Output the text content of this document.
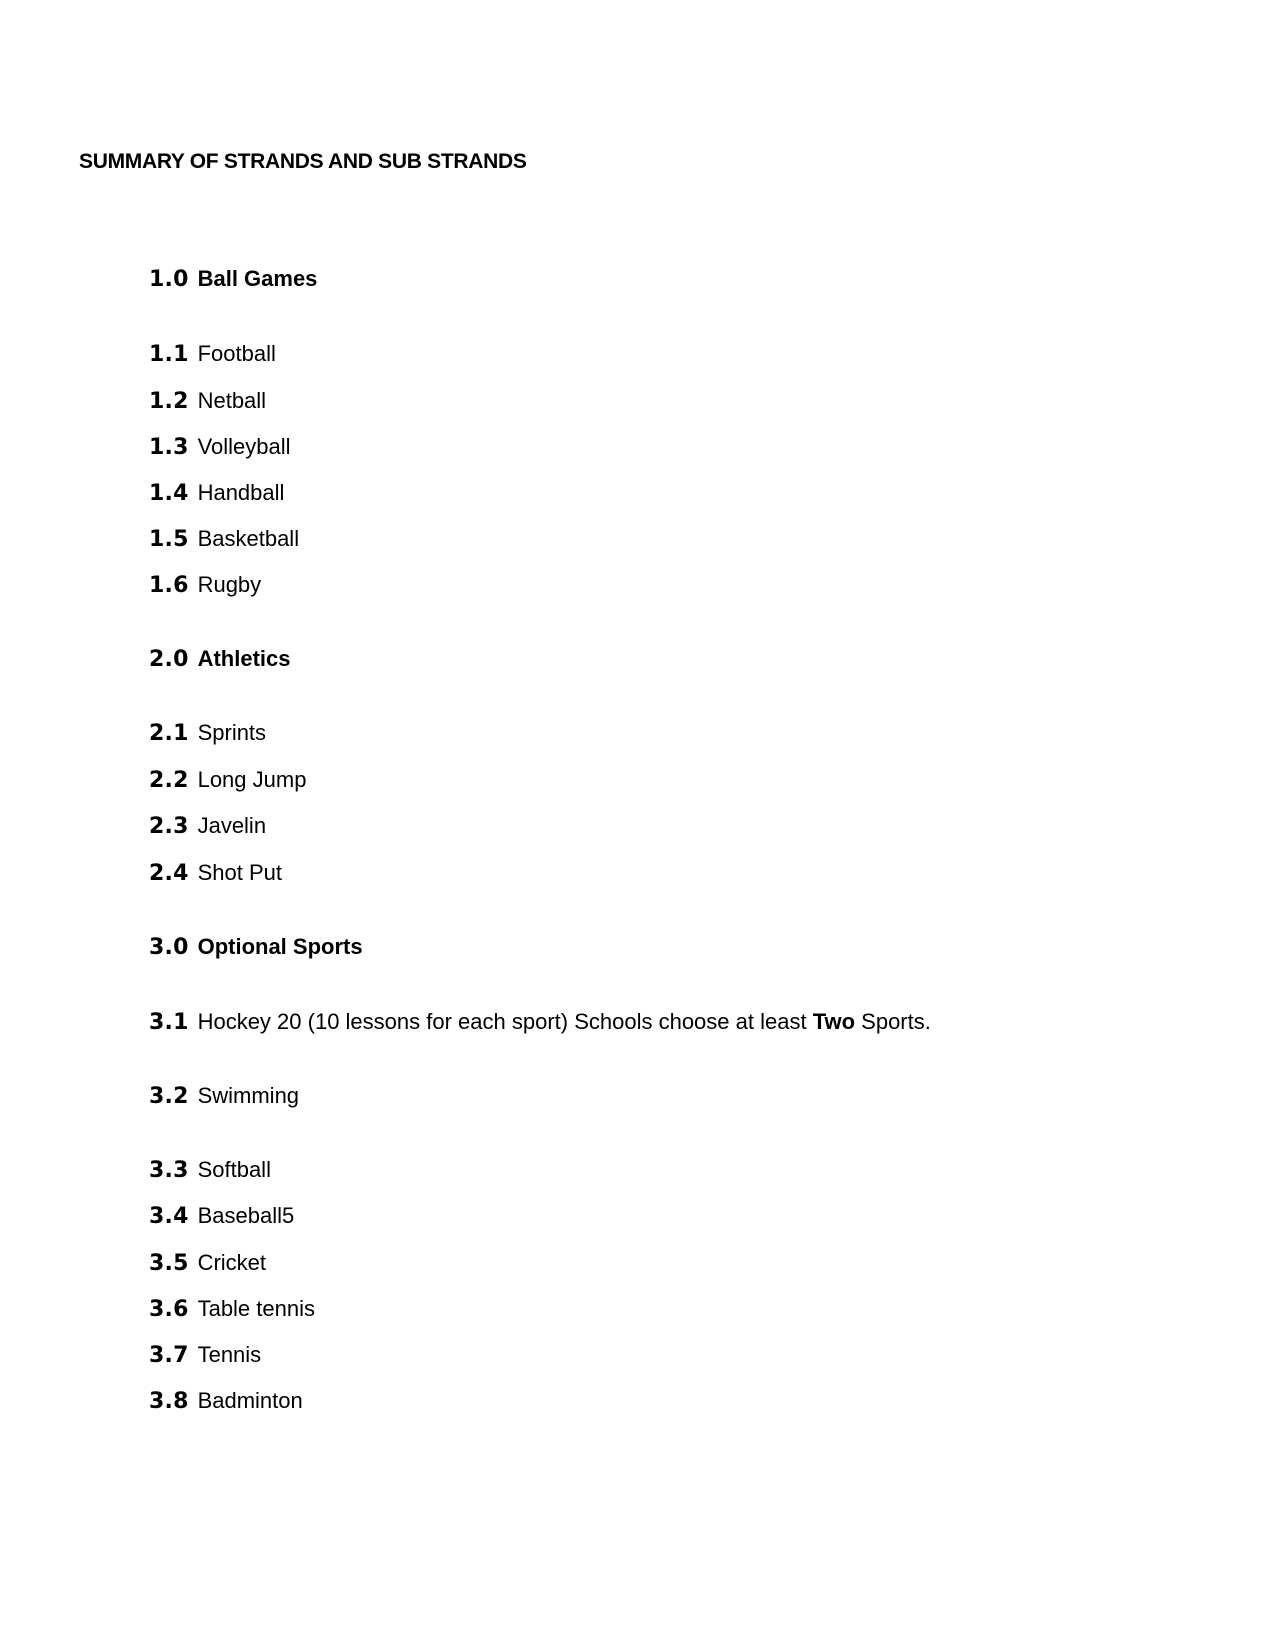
SUMMARY OF STRANDS AND SUB STRANDS
1.0 Ball Games
1.1 Football
1.2 Netball
1.3 Volleyball
1.4 Handball
1.5 Basketball
1.6 Rugby
2.0 Athletics
2.1 Sprints
2.2 Long Jump
2.3 Javelin
2.4 Shot Put
3.0 Optional Sports
3.1 Hockey 20 (10 lessons for each sport) Schools choose at least Two Sports.
3.2 Swimming
3.3 Softball
3.4 Baseball5
3.5 Cricket
3.6 Table tennis
3.7 Tennis
3.8 Badminton
